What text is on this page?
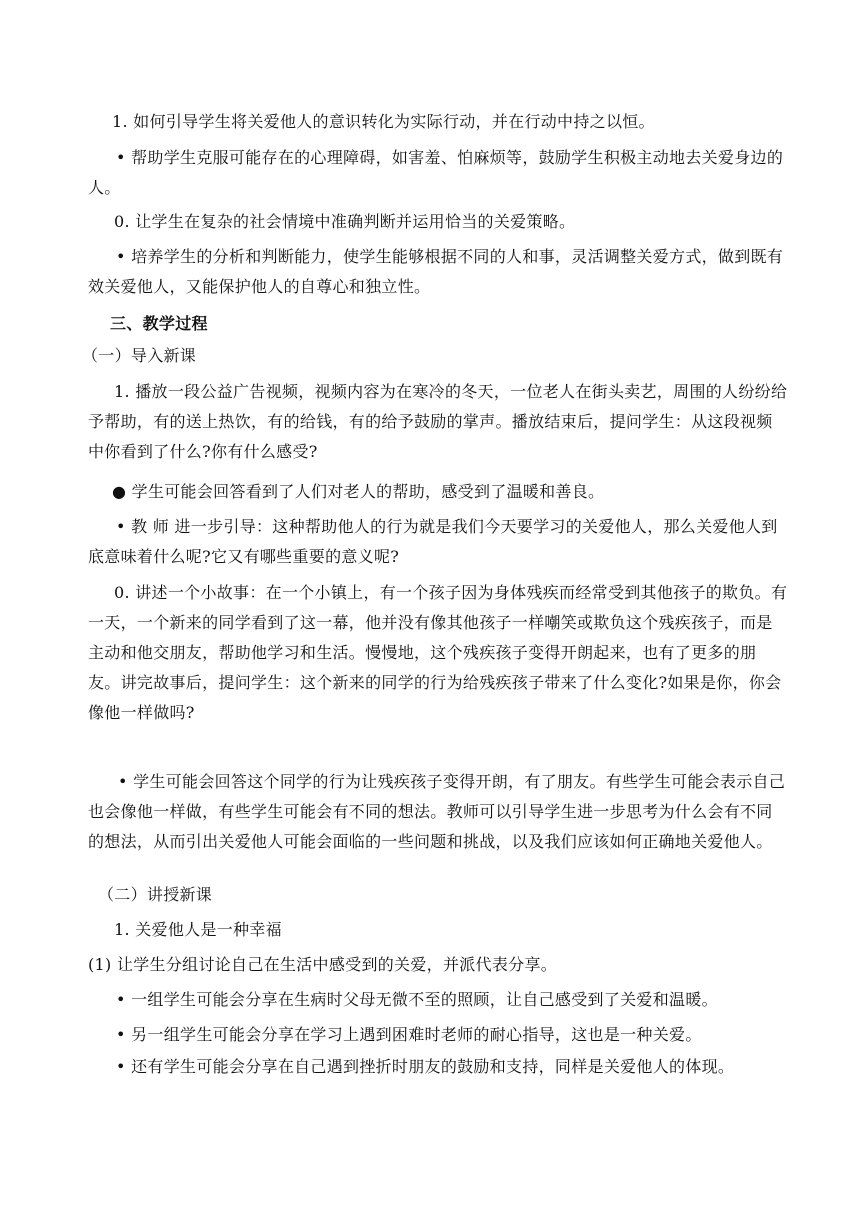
1. 如何引导学生将关爱他人的意识转化为实际行动，并在行动中持之以恒。
• 帮助学生克服可能存在的心理障碍，如害羞、怕麻烦等，鼓励学生积极主动地去关爱身边的人。
0. 让学生在复杂的社会情境中准确判断并运用恰当的关爱策略。
• 培养学生的分析和判断能力，使学生能够根据不同的人和事，灵活调整关爱方式，做到既有效关爱他人，又能保护他人的自尊心和独立性。
三、教学过程
（一）导入新课
1. 播放一段公益广告视频，视频内容为在寒冷的冬天，一位老人在街头卖艺，周围的人纷纷给予帮助，有的送上热饮，有的给钱，有的给予鼓励的掌声。播放结束后，提问学生：从这段视频中你看到了什么?你有什么感受?
● 学生可能会回答看到了人们对老人的帮助，感受到了温暖和善良。
• 教 师 进一步引导：这种帮助他人的行为就是我们今天要学习的关爱他人，那么关爱他人到底意味着什么呢?它又有哪些重要的意义呢?
0. 讲述一个小故事：在一个小镇上，有一个孩子因为身体残疾而经常受到其他孩子的欺负。有一天，一个新来的同学看到了这一幕，他并没有像其他孩子一样嘲笑或欺负这个残疾孩子，而是主动和他交朋友，帮助他学习和生活。慢慢地，这个残疾孩子变得开朗起来，也有了更多的朋友。讲完故事后，提问学生：这个新来的同学的行为给残疾孩子带来了什么变化?如果是你，你会像他一样做吗?
• 学生可能会回答这个同学的行为让残疾孩子变得开朗，有了朋友。有些学生可能会表示自己也会像他一样做，有些学生可能会有不同的想法。教师可以引导学生进一步思考为什么会有不同的想法，从而引出关爱他人可能会面临的一些问题和挑战，以及我们应该如何正确地关爱他人。
（二）讲授新课
1. 关爱他人是一种幸福
(1) 让学生分组讨论自己在生活中感受到的关爱，并派代表分享。
• 一组学生可能会分享在生病时父母无微不至的照顾，让自己感受到了关爱和温暖。
• 另一组学生可能会分享在学习上遇到困难时老师的耐心指导，这也是一种关爱。
• 还有学生可能会分享在自己遇到挫折时朋友的鼓励和支持，同样是关爱他人的体现。
